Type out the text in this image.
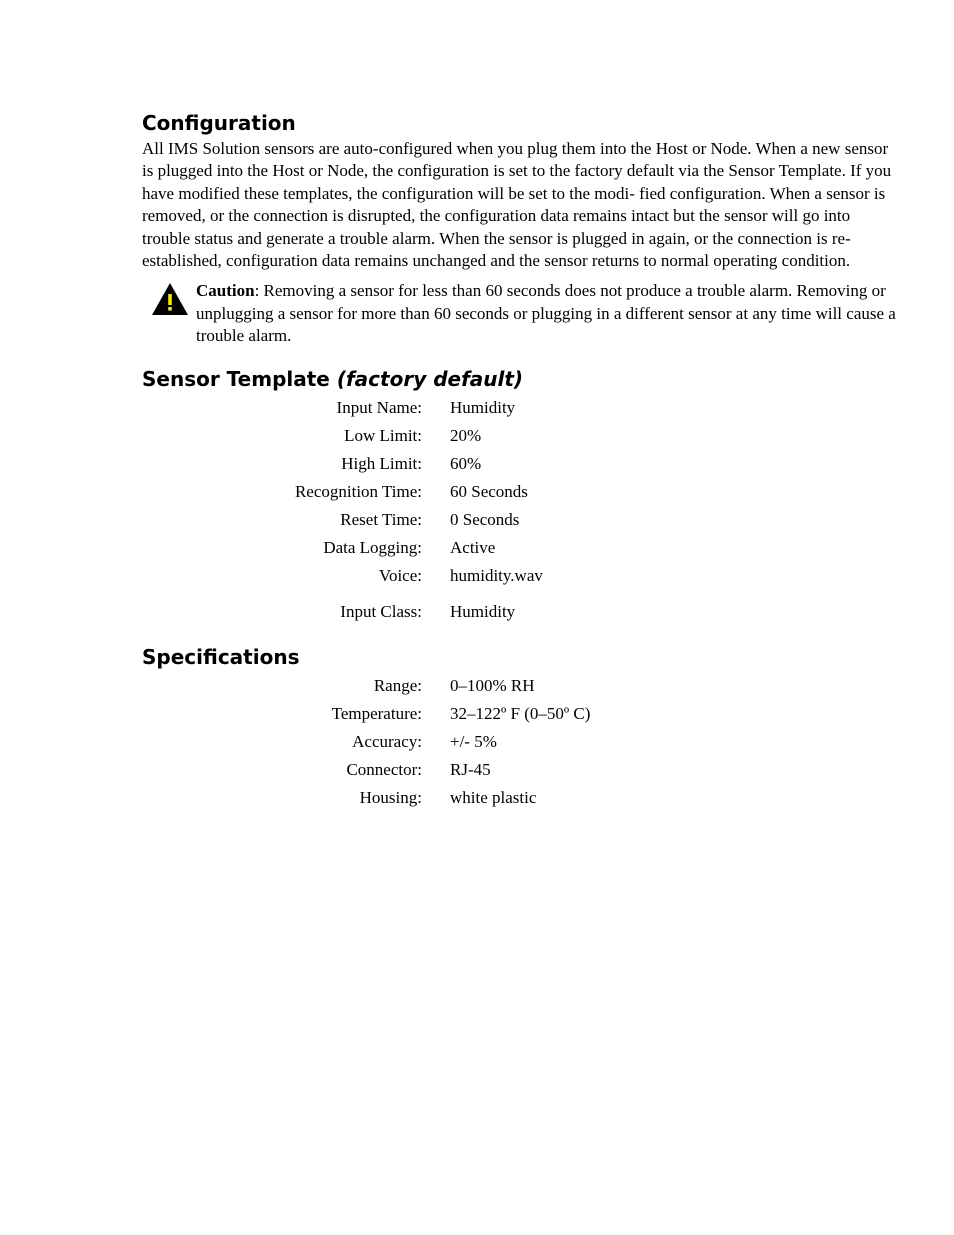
Configuration

All IMS Solution sensors are auto-configured when you plug them into the Host or Node. When a new sensor is plugged into the Host or Node, the configuration is set to the factory default via the Sensor Template. If you have modified these templates, the configuration will be set to the modi- fied configuration. When a sensor is removed, or the connection is disrupted, the configuration data remains intact but the sensor will go into trouble status and generate a trouble alarm. When the sensor is plugged in again, or the connection is re-established, configuration data remains unchanged and the sensor returns to normal operating condition.

Caution: Removing a sensor for less than 60 seconds does not produce a trouble alarm. Removing or unplugging a sensor for more than 60 seconds or plugging in a different sensor at any time will cause a trouble alarm.
Sensor Template (factory default)
Input Name:	Humidity
Low Limit:	20%
High Limit:	60%
Recognition Time:	60 Seconds
Reset Time:	0 Seconds
Data Logging:	Active
Voice:	humidity.wav
Input Class:	Humidity
Specifications
Range:	0–100% RH
Temperature:	32–122º F (0–50º C)
Accuracy:	+/- 5%
Connector:	RJ-45
Housing:	white plastic
